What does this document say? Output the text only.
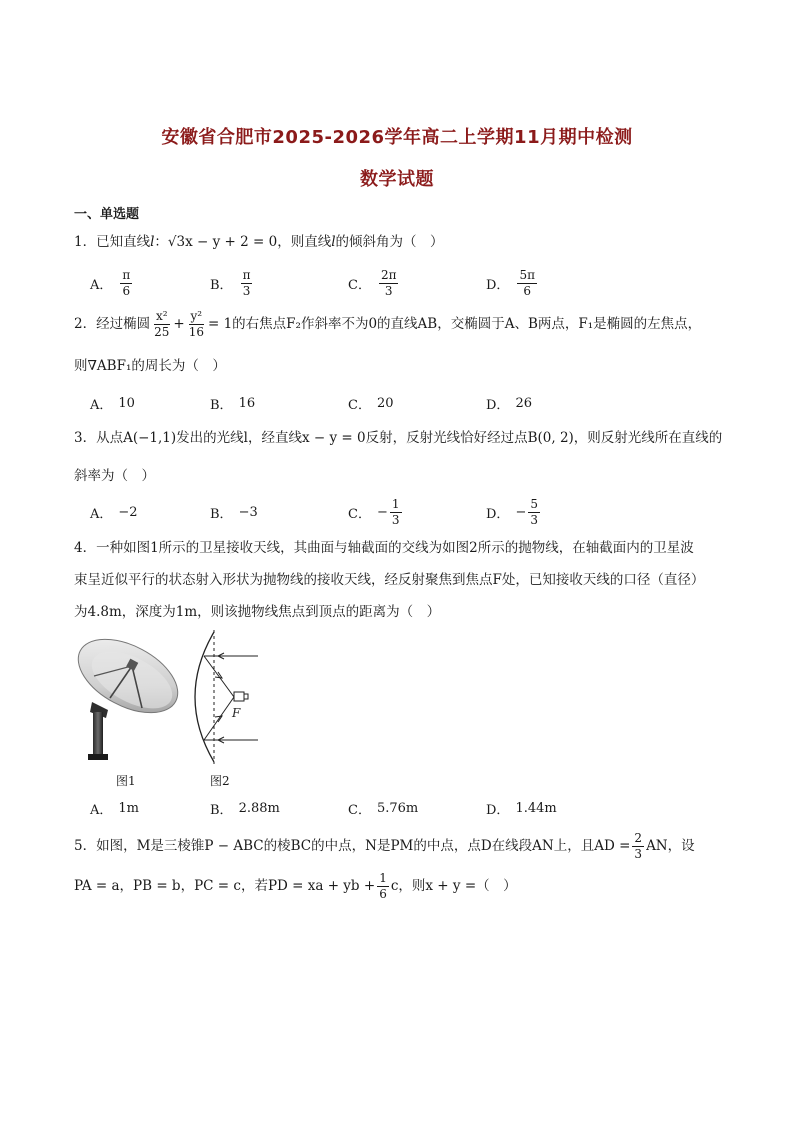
安徽省合肥市2025-2026学年高二上学期11月期中检测
数学试题
一、单选题
1．已知直线l：√3x − y + 2 = 0，则直线l的倾斜角为（　）
A． $\frac{\pi}{6}$	B． $\frac{\pi}{3}$	C． $\frac{2\pi}{3}$	D． $\frac{5\pi}{6}$
2．经过椭圆 $\frac{\text{x²}}{25} + \frac{\text{y²}}{16} = 1$的右焦点F₂作斜率不为0的直线AB，交椭圆于A、B两点，F₁是椭圆的左焦点，
则∇ABF₁的周长为（　）
A． 10	B． 16	C． 20	D． 26
3．从点A(−1,1)发出的光线l，经直线x − y = 0反射，反射光线恰好经过点B(0, 2)，则反射光线所在直线的
斜率为（　）
A． −2	B． −3	C． − $\frac{1}{3}$	D． − $\frac{5}{3}$
4．一种如图1所示的卫星接收天线，其曲面与轴截面的交线为如图2所示的抛物线，在轴截面内的卫星波
束呈近似平行的状态射入形状为抛物线的接收天线，经反射聚焦到焦点F处，已知接收天线的口径（直径）
为4.8m，深度为1m，则该抛物线焦点到顶点的距离为（　）
F
图1	图2
A． 1m	B． 2.88m	C． 5.76m	D． 1.44m
5．如图，M是三棱锥P − ABC的棱BC的中点，N是PM的中点，点D在线段AN上，且AD = $\frac{2}{3}$ AN，设
PA = a，PB = b，PC = c，若PD = xa + yb + $\frac{1}{6}$ c，则x + y =（　）
